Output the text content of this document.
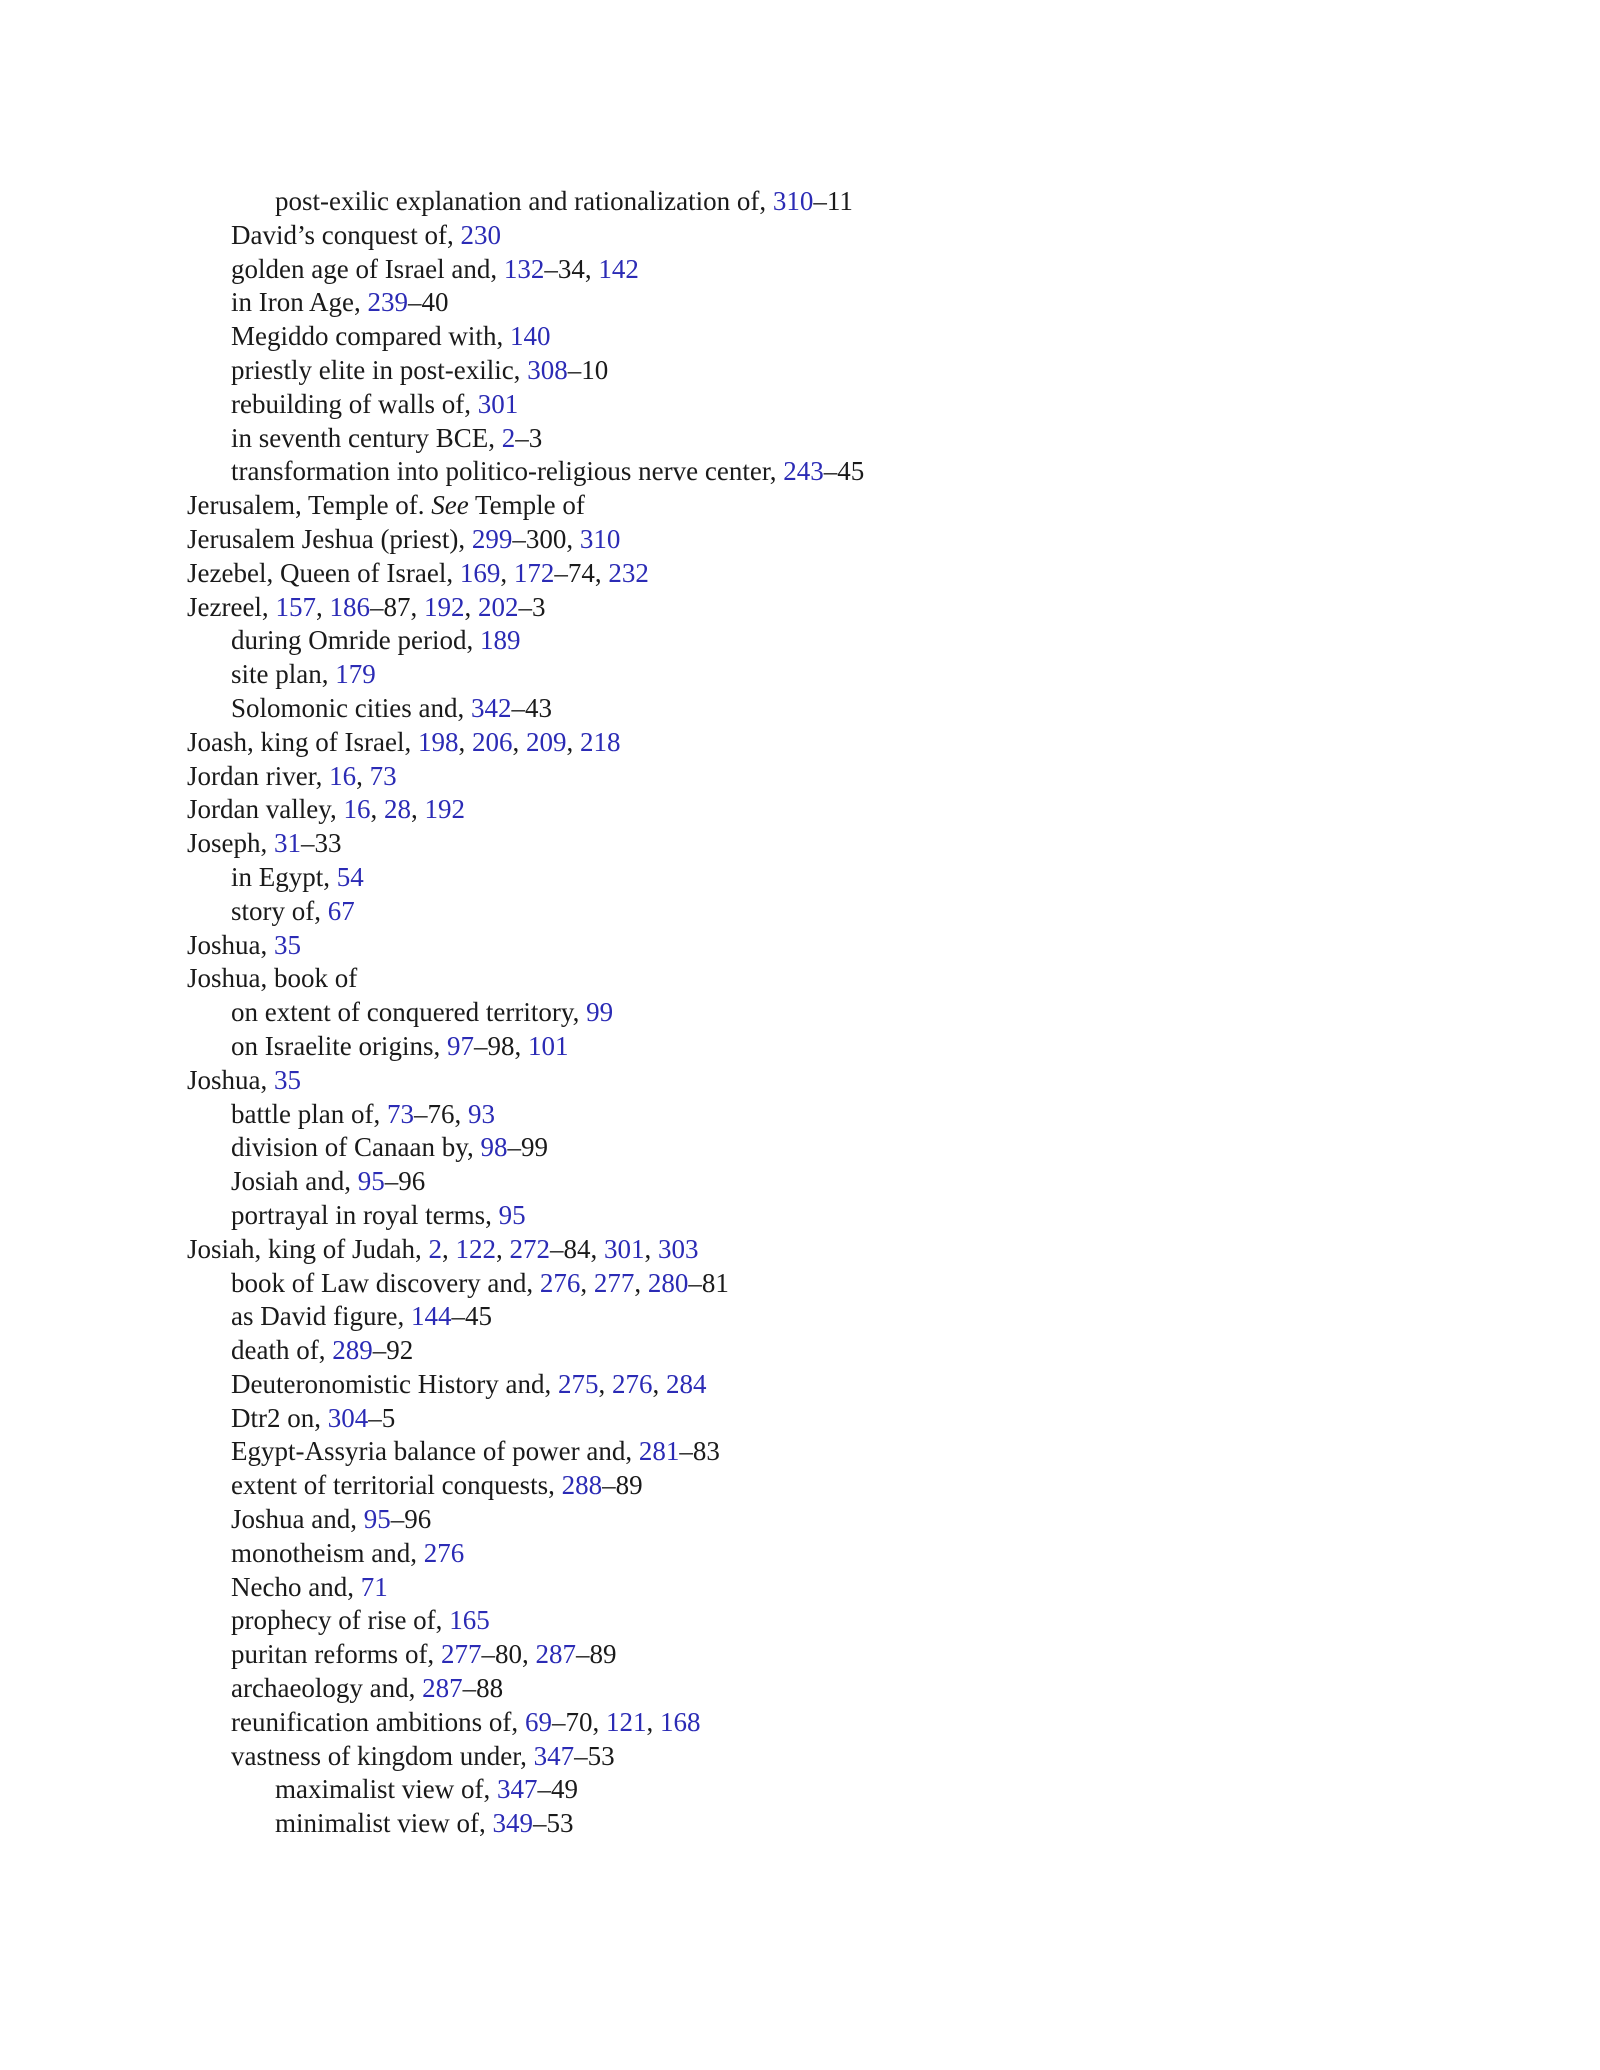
post-exilic explanation and rationalization of, 310–11
David’s conquest of, 230
golden age of Israel and, 132–34, 142
in Iron Age, 239–40
Megiddo compared with, 140
priestly elite in post-exilic, 308–10
rebuilding of walls of, 301
in seventh century BCE, 2–3
transformation into politico-religious nerve center, 243–45
Jerusalem, Temple of. See Temple of
Jerusalem Jeshua (priest), 299–300, 310
Jezebel, Queen of Israel, 169, 172–74, 232
Jezreel, 157, 186–87, 192, 202–3
during Omride period, 189
site plan, 179
Solomonic cities and, 342–43
Joash, king of Israel, 198, 206, 209, 218
Jordan river, 16, 73
Jordan valley, 16, 28, 192
Joseph, 31–33
in Egypt, 54
story of, 67
Joshua, 35
Joshua, book of
on extent of conquered territory, 99
on Israelite origins, 97–98, 101
Joshua, 35
battle plan of, 73–76, 93
division of Canaan by, 98–99
Josiah and, 95–96
portrayal in royal terms, 95
Josiah, king of Judah, 2, 122, 272–84, 301, 303
book of Law discovery and, 276, 277, 280–81
as David figure, 144–45
death of, 289–92
Deuteronomistic History and, 275, 276, 284
Dtr2 on, 304–5
Egypt-Assyria balance of power and, 281–83
extent of territorial conquests, 288–89
Joshua and, 95–96
monotheism and, 276
Necho and, 71
prophecy of rise of, 165
puritan reforms of, 277–80, 287–89
archaeology and, 287–88
reunification ambitions of, 69–70, 121, 168
vastness of kingdom under, 347–53
maximalist view of, 347–49
minimalist view of, 349–53
